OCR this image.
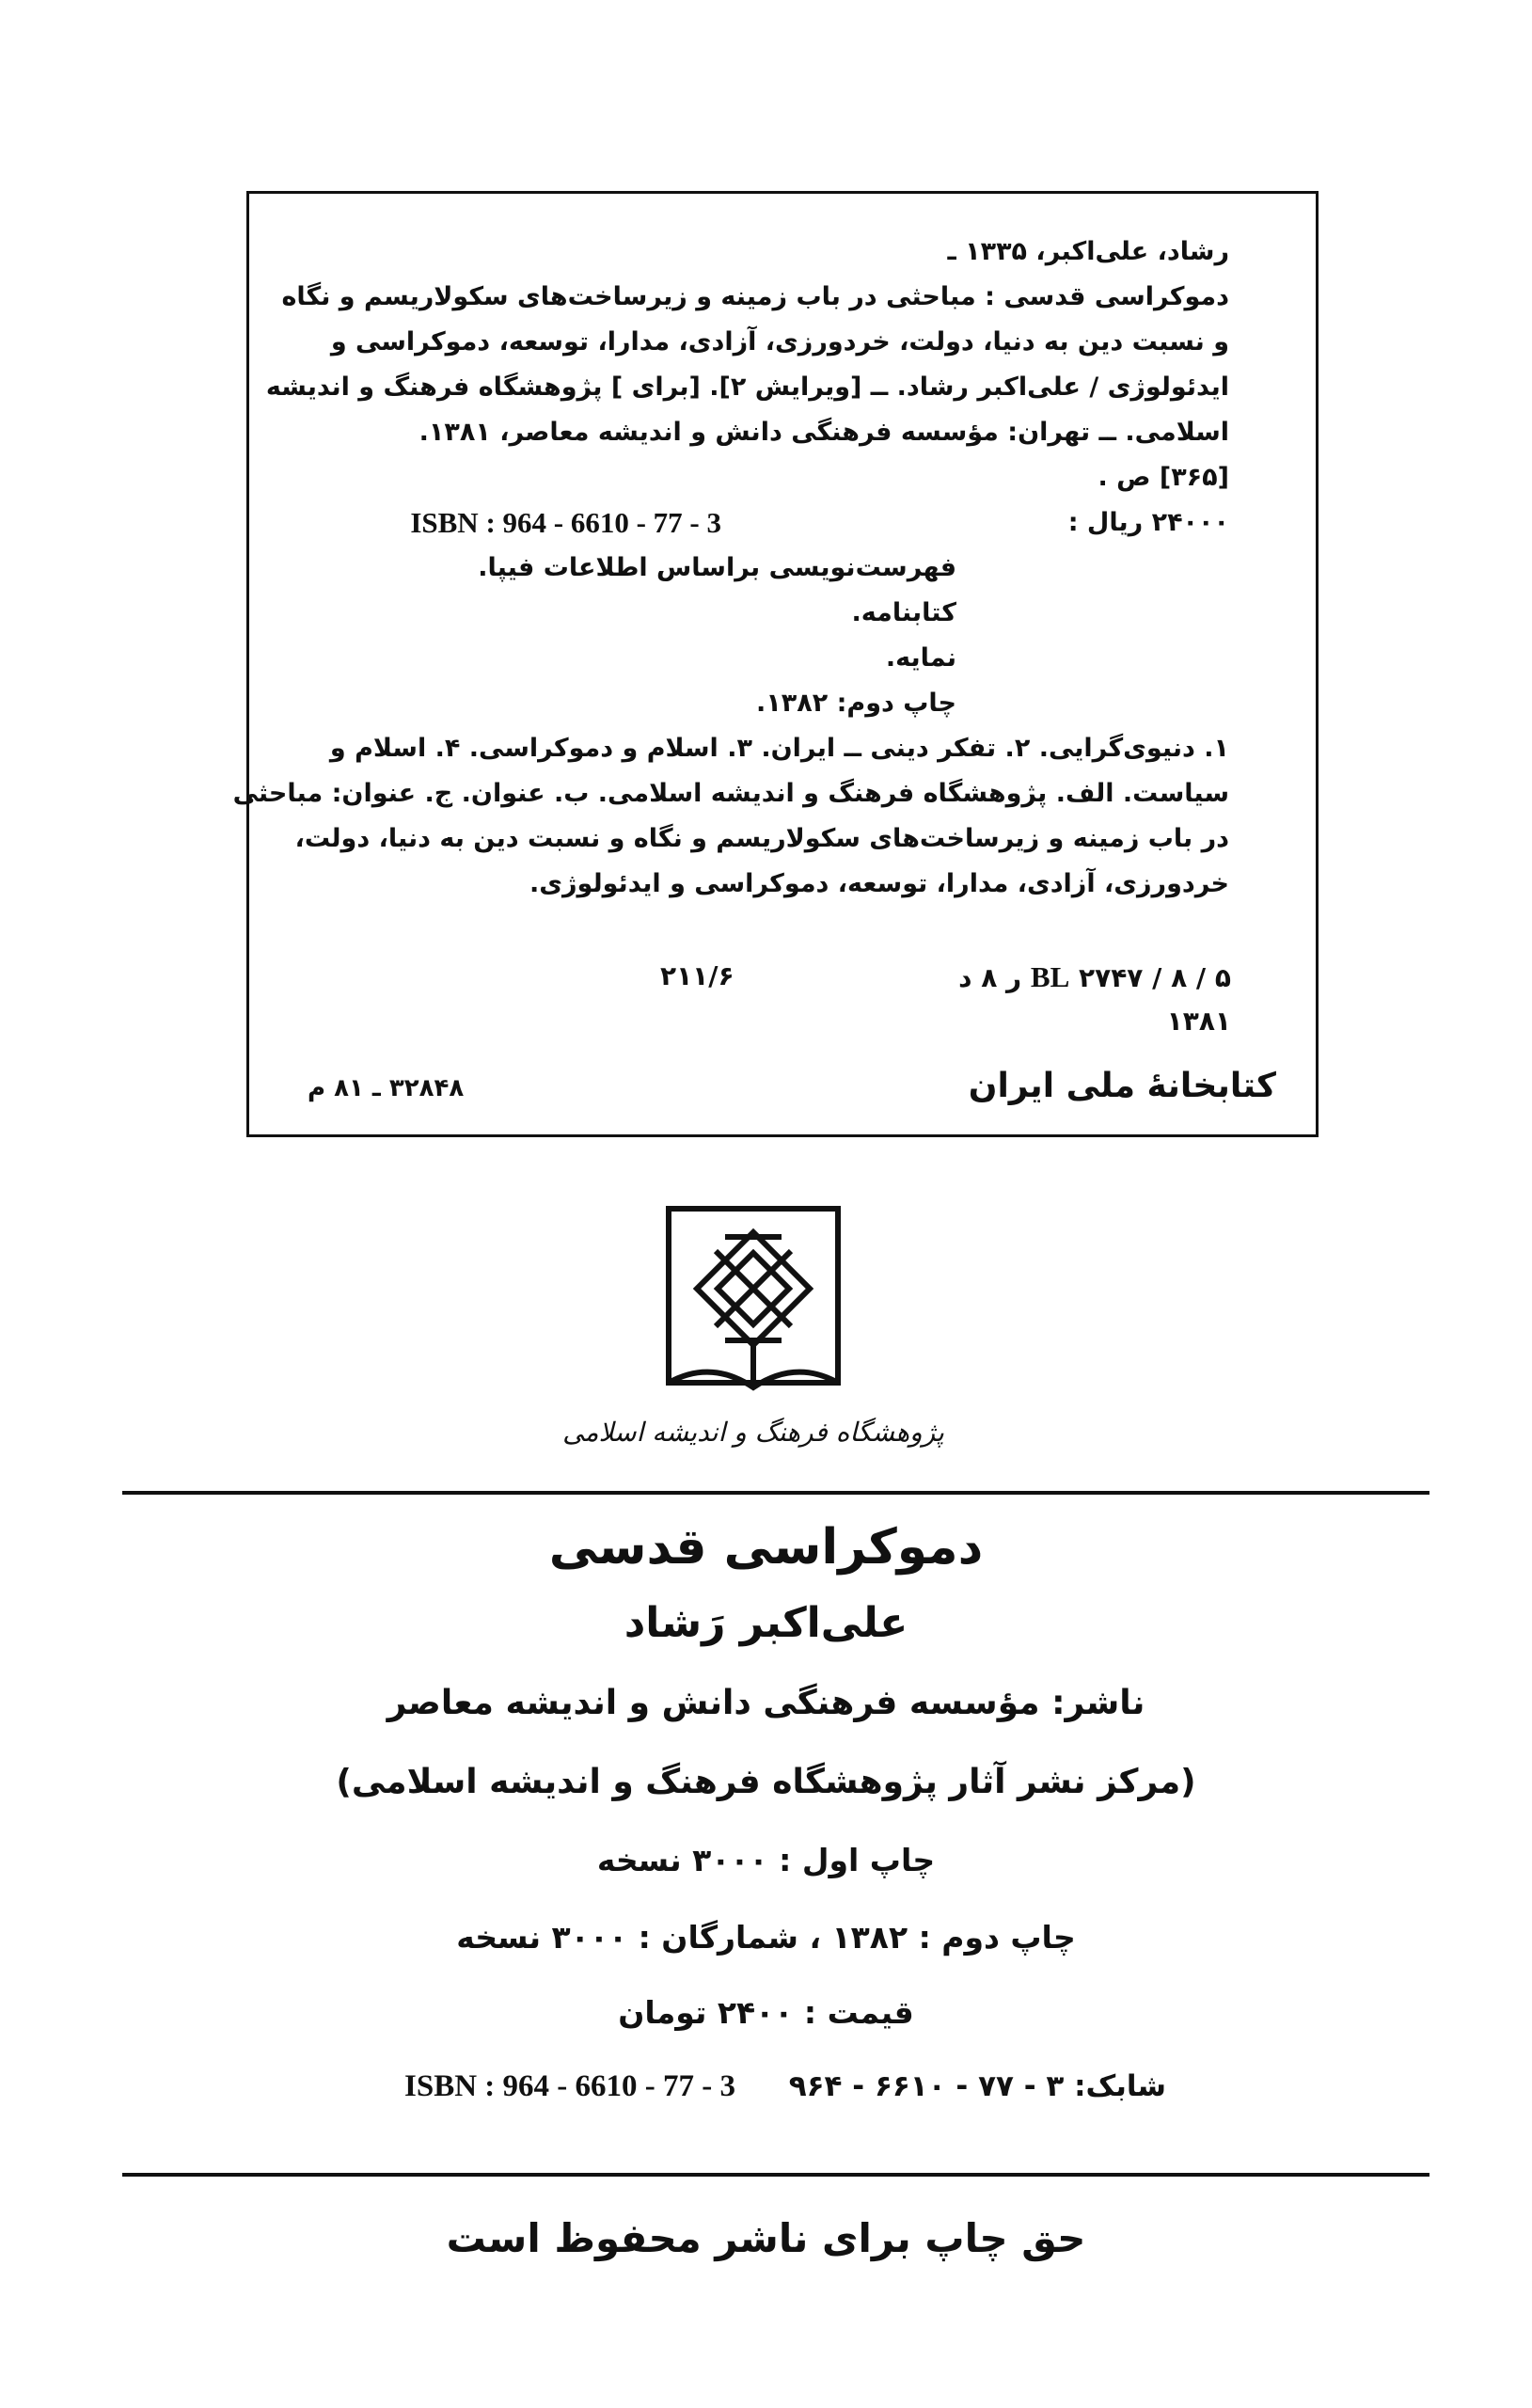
رشاد، علی‌اکبر، ۱۳۳۵ ـ
دموکراسی قدسی : مباحثی در باب زمینه و زیرساخت‌های سکولاریسم و نگاه
و نسبت دین به دنیا، دولت، خردورزی، آزادی، مدارا، توسعه، دموکراسی و
ایدئولوژی / علی‌اکبر رشاد. ــ [ویرایش ۲]. [برای ] پژوهشگاه فرهنگ و اندیشه
اسلامی. ــ تهران: مؤسسه فرهنگی دانش و اندیشه معاصر، ۱۳۸۱.
[۳۶۵] ص .
۲۴۰۰۰ ریال :
ISBN : 964 - 6610 - 77 - 3
فهرست‌نویسی براساس اطلاعات فیپا.
کتابنامه.
نمایه.
چاپ دوم: ۱۳۸۲.
۱. دنیوی‌گرایی. ۲. تفکر دینی ــ ایران. ۳. اسلام و دموکراسی. ۴. اسلام و
سیاست. الف. پژوهشگاه فرهنگ و اندیشه اسلامی. ب. عنوان. ج. عنوان: مباحثی
در باب زمینه و زیرساخت‌های سکولاریسم و نگاه و نسبت دین به دنیا، دولت،
خردورزی، آزادی، مدارا، توسعه، دموکراسی و ایدئولوژی.
BL ۲۷۴۷ / ۸ / ۵ ر ۸ د
۱۳۸۱
۲۱۱/۶
کتابخانهٔ ملی ایران
۳۲۸۴۸ ـ ۸۱ م
پژوهشگاه فرهنگ و اندیشه اسلامی
دموکراسی قدسی
علی‌اکبر رَشاد
ناشر: مؤسسه فرهنگی دانش و اندیشه معاصر
(مرکز نشر آثار پژوهشگاه فرهنگ و اندیشه اسلامی)
چاپ اول : ۳۰۰۰ نسخه
چاپ دوم : ۱۳۸۲ ، شمارگان : ۳۰۰۰ نسخه
قیمت : ۲۴۰۰ تومان
شابک: ۳ - ۷۷ - ۶۶۱۰ - ۹۶۴
ISBN : 964 - 6610 - 77 - 3
حق چاپ برای ناشر محفوظ است
